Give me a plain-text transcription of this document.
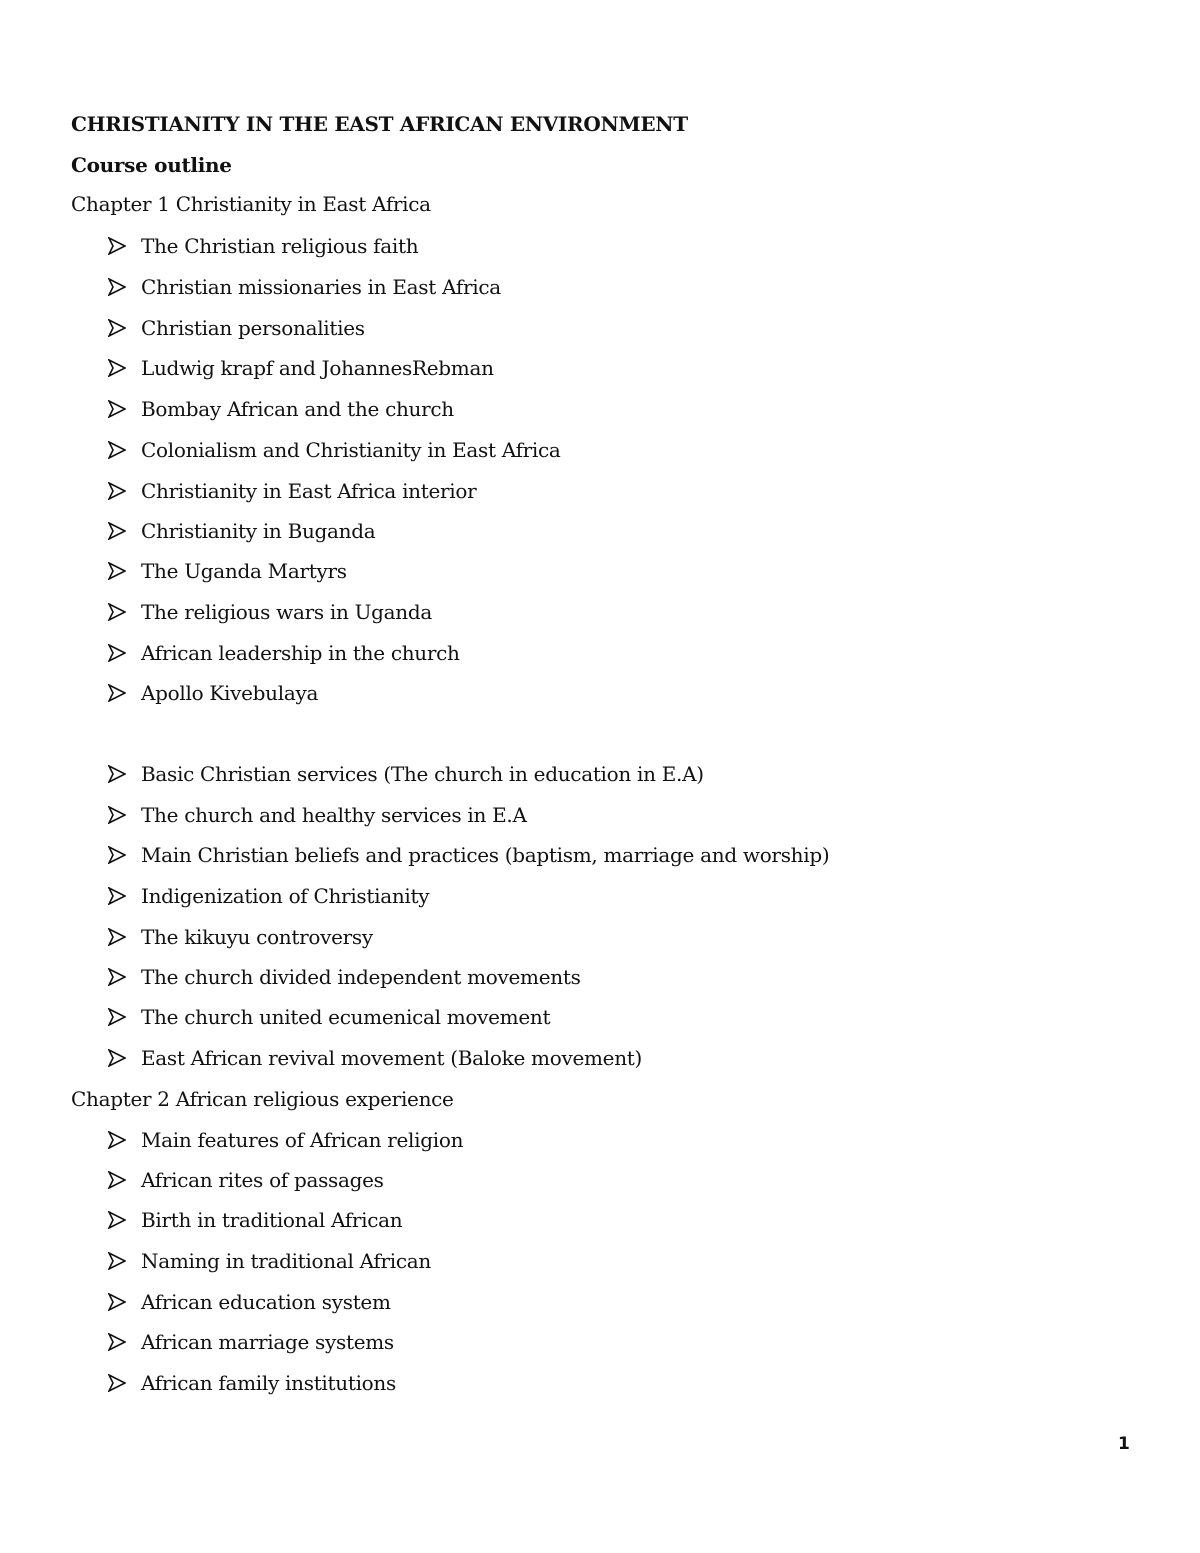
CHRISTIANITY IN THE EAST AFRICAN ENVIRONMENT
Course outline
Chapter 1 Christianity in East Africa
The Christian religious faith
Christian missionaries in East Africa
Christian personalities
Ludwig krapf and JohannesRebman
Bombay African and the church
Colonialism and Christianity in East Africa
Christianity in East Africa interior
Christianity in Buganda
The Uganda Martyrs
The religious wars in Uganda
African leadership in the church
Apollo Kivebulaya
Basic Christian services (The church in education in E.A)
The church and healthy services in E.A
Main Christian beliefs and practices (baptism, marriage and worship)
Indigenization of Christianity
The kikuyu controversy
The church divided independent movements
The church united ecumenical movement
East African revival movement (Baloke movement)
Chapter 2 African religious experience
Main features of African religion
African rites of passages
Birth in traditional African
Naming in traditional African
African education system
African marriage systems
African family institutions
1
